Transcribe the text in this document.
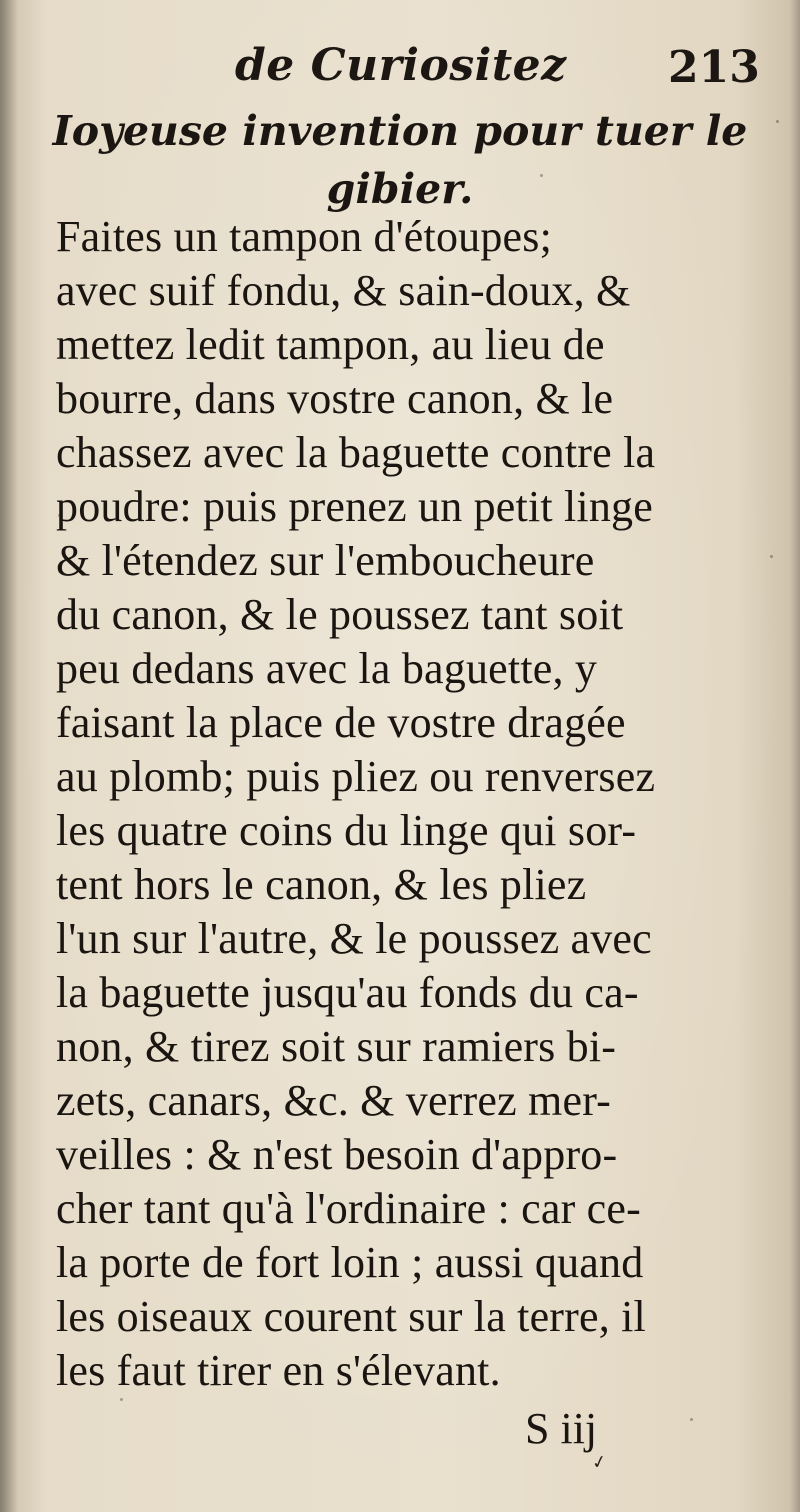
de Curiositez 213
Ioyeuse invention pour tuer le
gibier.
Faites un tampon d'étoupes;
avec suif fondu, & sain-doux, &
mettez ledit tampon, au lieu de
bourre, dans vostre canon, & le
chassez avec la baguette contre la
poudre: puis prenez un petit linge
& l'étendez sur l'emboucheure
du canon, & le poussez tant soit
peu dedans avec la baguette, y
faisant la place de vostre dragée
au plomb; puis pliez ou renversez
les quatre coins du linge qui sor-
tent hors le canon, & les pliez
l'un sur l'autre, & le poussez avec
la baguette jusqu'au fonds du ca-
non, & tirez soit sur ramiers bi-
zets, canars, &c. & verrez mer-
veilles : & n'est besoin d'appro-
cher tant qu'à l'ordinaire : car ce-
la porte de fort loin ; aussi quand
les oiseaux courent sur la terre, il
les faut tirer en s'élevant.
S iij
✓
